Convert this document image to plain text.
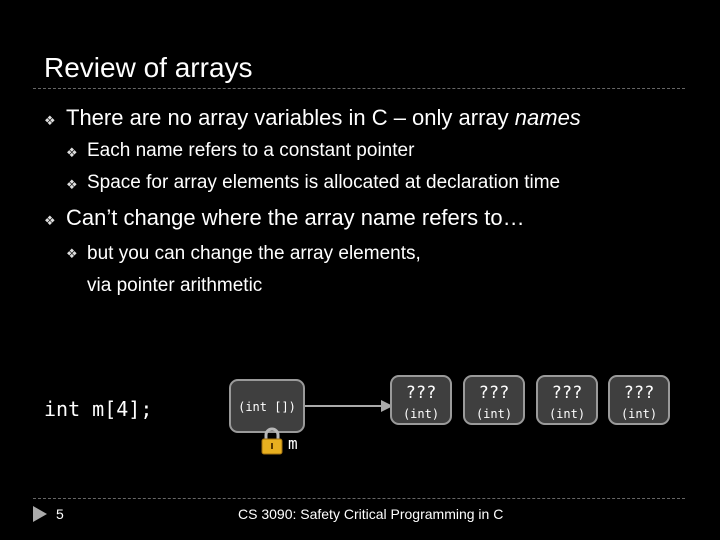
Review of arrays
❖ There are no array variables in C – only array names
❖ Each name refers to a constant pointer
❖ Space for array elements is allocated at declaration time
❖ Can’t change where the array name refers to…
❖ but you can change the array elements,
via pointer arithmetic
int m[4];	(int [])
m
???
(int)
???
(int)
???
(int)
???
(int)
5	CS 3090: Safety Critical Programming in C
